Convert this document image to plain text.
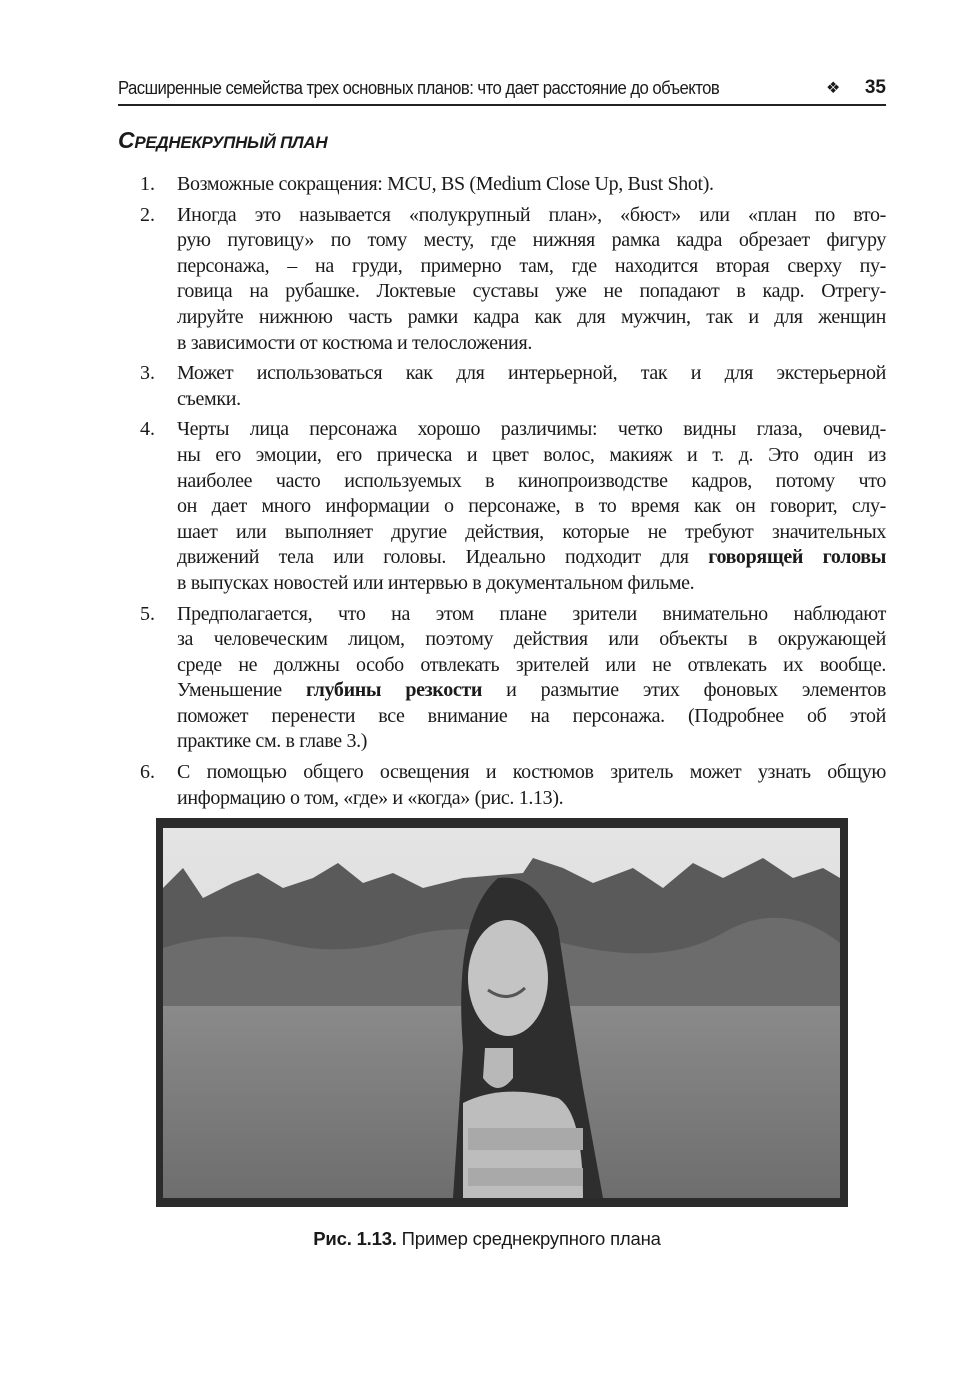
Расширенные семейства трех основных планов: что дает расстояние до объектов	❖ 35
СРЕДНЕКРУПНЫЙ ПЛАН
1. Возможные сокращения: MCU, BS (Medium Close Up, Bust Shot).
2. Иногда это называется «полукрупный план», «бюст» или «план по вто-
рую пуговицу» по тому месту, где нижняя рамка кадра обрезает фигуру
персонажа, – на груди, примерно там, где находится вторая сверху пу-
говица на рубашке. Локтевые суставы уже не попадают в кадр. Отрегу-
лируйте нижнюю часть рамки кадра как для мужчин, так и для женщин
в зависимости от костюма и телосложения.
3. Может использоваться как для интерьерной, так и для экстерьерной
съемки.
4. Черты лица персонажа хорошо различимы: четко видны глаза, очевид-
ны его эмоции, его прическа и цвет волос, макияж и т. д. Это один из
наиболее часто используемых в кинопроизводстве кадров, потому что
он дает много информации о персонаже, в то время как он говорит, слу-
шает или выполняет другие действия, которые не требуют значительных
движений тела или головы. Идеально подходит для говорящей головы
в выпусках новостей или интервью в документальном фильме.
5. Предполагается, что на этом плане зрители внимательно наблюдают
за человеческим лицом, поэтому действия или объекты в окружающей
среде не должны особо отвлекать зрителей или не отвлекать их вообще.
Уменьшение глубины резкости и размытие этих фоновых элементов
поможет перенести все внимание на персонажа. (Подробнее об этой
практике см. в главе 3.)
6. С помощью общего освещения и костюмов зритель может узнать общую
информацию о том, «где» и «когда» (рис. 1.13).
Рис. 1.13. Пример среднекрупного плана
